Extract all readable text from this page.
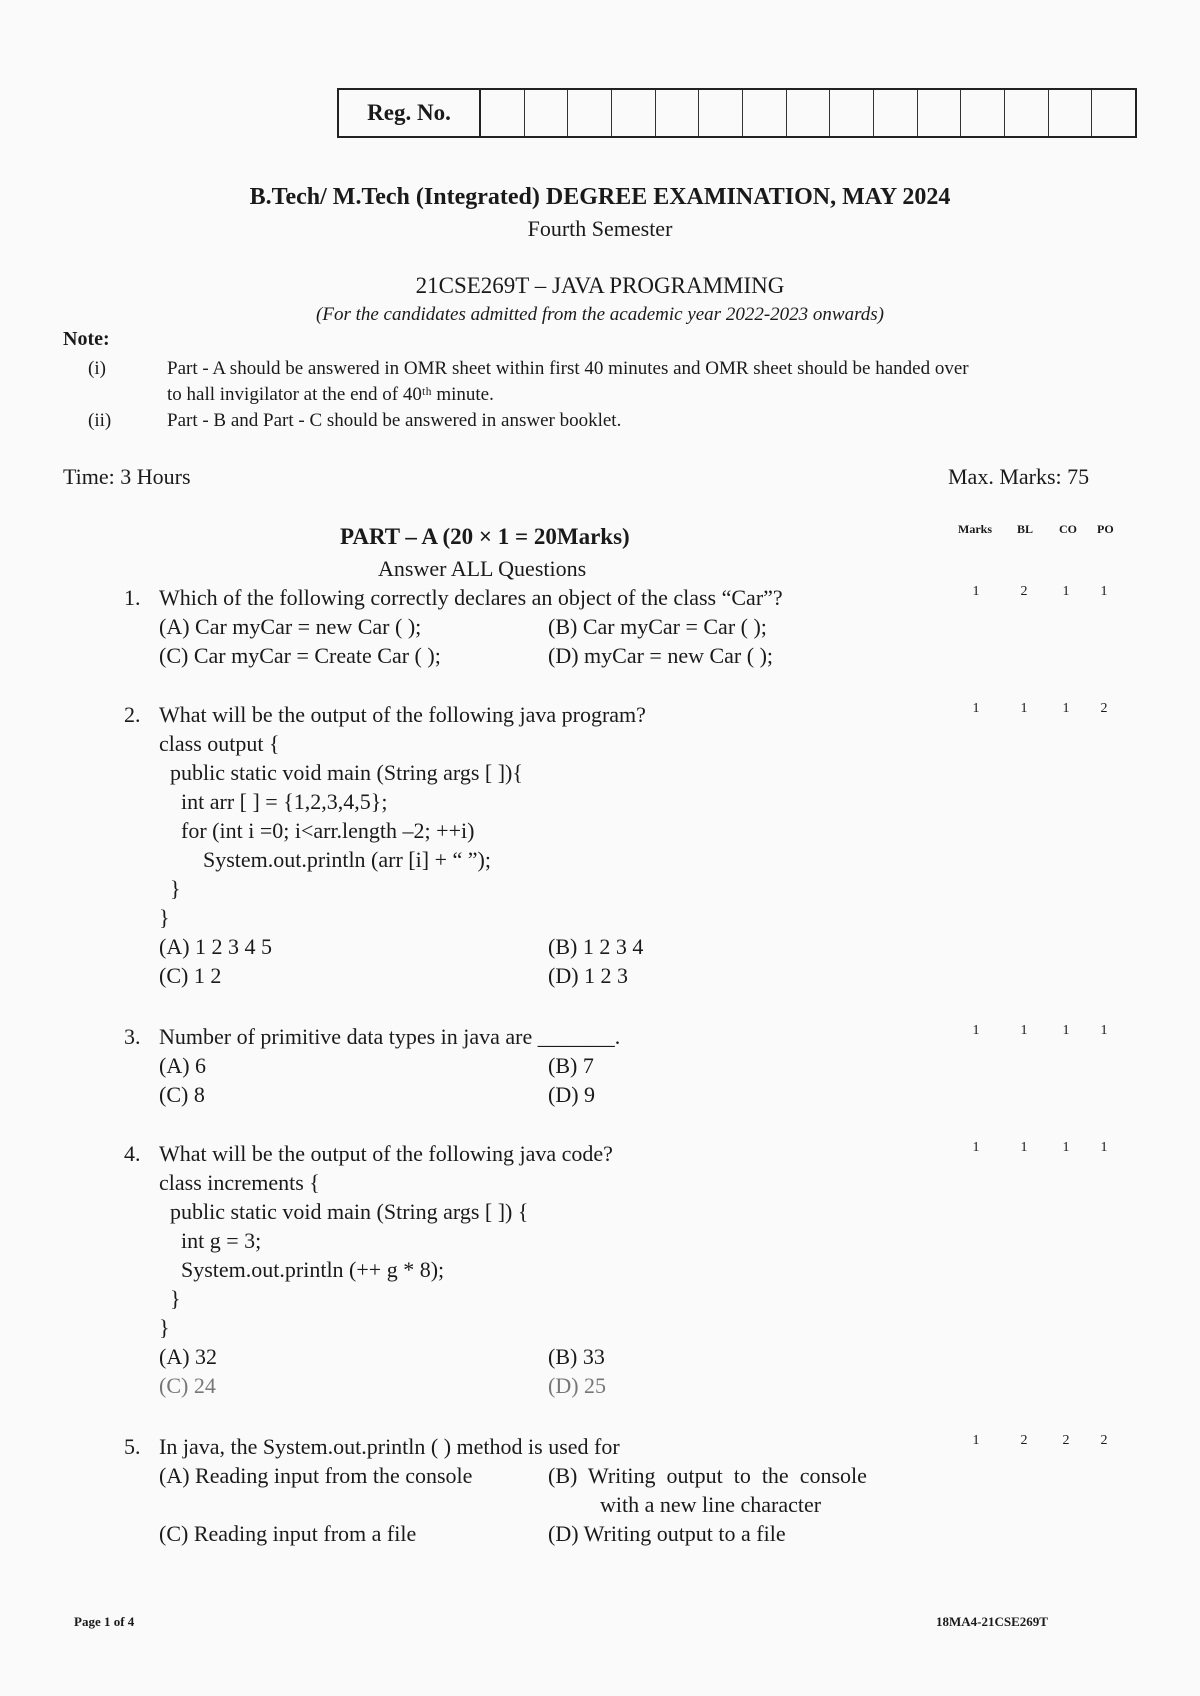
Reg. No.
B.Tech/ M.Tech (Integrated) DEGREE EXAMINATION, MAY 2024
Fourth Semester
21CSE269T – JAVA PROGRAMMING
(For the candidates admitted from the academic year 2022-2023 onwards)
Note:
(i)	Part - A should be answered in OMR sheet within first 40 minutes and OMR sheet should be handed over
to hall invigilator at the end of 40ᵗʰ minute.
(ii)	Part - B and Part - C should be answered in answer booklet.
Time: 3 Hours	Max. Marks: 75
Marks BL CO PO
PART – A (20 × 1 = 20Marks)
Answer ALL Questions
1. Which of the following correctly declares an object of the class “Car”?
(A) Car myCar = new Car ( );	(B) Car myCar = Car ( );
(C) Car myCar = Create Car ( );	(D) myCar = new Car ( );
1	2	1	1
2. What will be the output of the following java program?
class output {
public static void main (String args [ ]){
int arr [ ] = {1,2,3,4,5};
for (int i =0; i<arr.length –2; ++i)
System.out.println (arr [i] + “ ”);
}
}
(A) 1 2 3 4 5	(B) 1 2 3 4
(C) 1 2	(D) 1 2 3
1	1	1	2
3. Number of primitive data types in java are _______.
(A) 6	(B) 7
(C) 8	(D) 9
1	1	1	1
4. What will be the output of the following java code?
class increments {
public static void main (String args [ ]) {
int g = 3;
System.out.println (++ g * 8);
}
}
(A) 32	(B) 33
(C) 24	(D) 25
1	1	1	1
5. In java, the System.out.println ( ) method is used for
(A) Reading input from the console	(B)  Writing  output  to  the  console
with a new line character
(C) Reading input from a file	(D) Writing output to a file
1	2	2	2
Page 1 of 4	18MA4-21CSE269T
